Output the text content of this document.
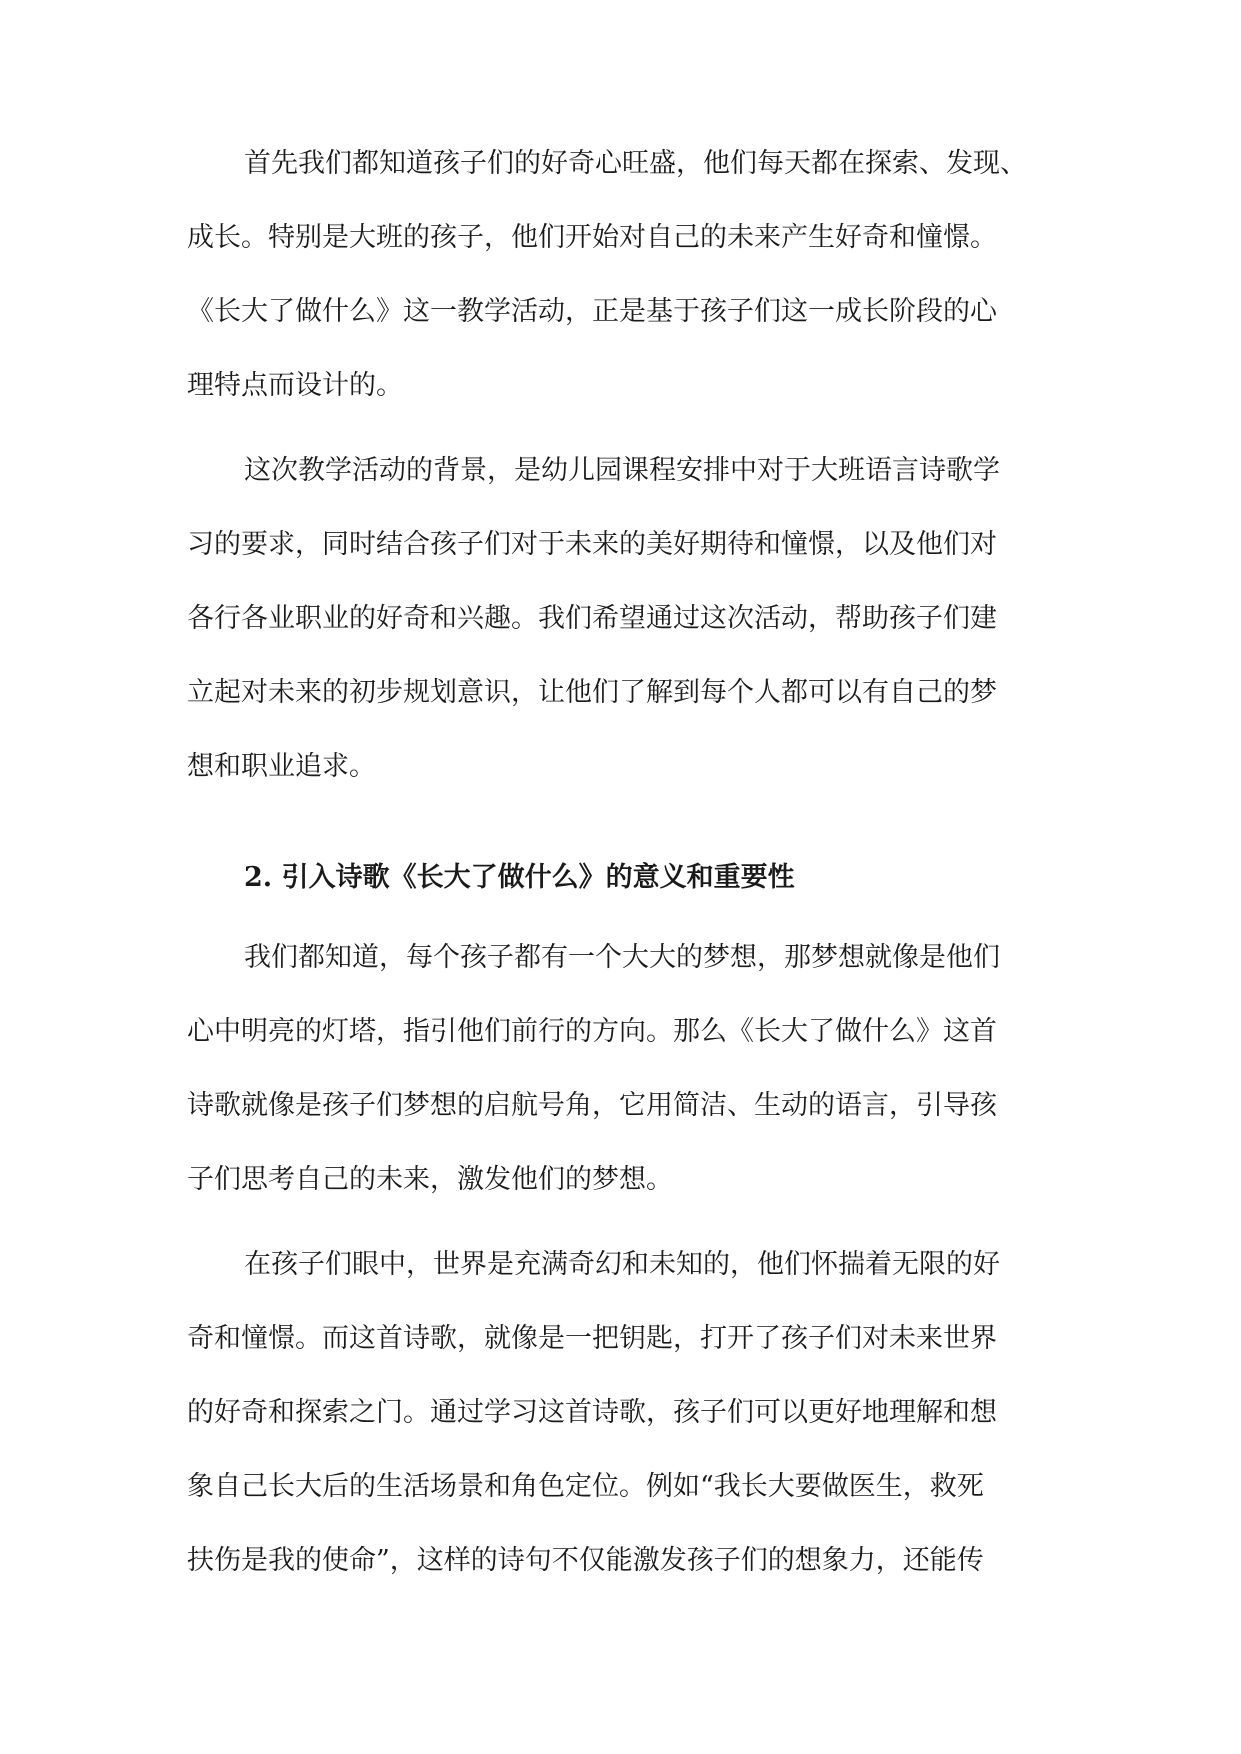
首先我们都知道孩子们的好奇心旺盛，他们每天都在探索、发现、
成长。特别是大班的孩子，他们开始对自己的未来产生好奇和憧憬。
《长大了做什么》这一教学活动，正是基于孩子们这一成长阶段的心
理特点而设计的。
这次教学活动的背景，是幼儿园课程安排中对于大班语言诗歌学
习的要求，同时结合孩子们对于未来的美好期待和憧憬，以及他们对
各行各业职业的好奇和兴趣。我们希望通过这次活动，帮助孩子们建
立起对未来的初步规划意识，让他们了解到每个人都可以有自己的梦
想和职业追求。
2. 引入诗歌《长大了做什么》的意义和重要性
我们都知道，每个孩子都有一个大大的梦想，那梦想就像是他们
心中明亮的灯塔，指引他们前行的方向。那么《长大了做什么》这首
诗歌就像是孩子们梦想的启航号角，它用简洁、生动的语言，引导孩
子们思考自己的未来，激发他们的梦想。
在孩子们眼中，世界是充满奇幻和未知的，他们怀揣着无限的好
奇和憧憬。而这首诗歌，就像是一把钥匙，打开了孩子们对未来世界
的好奇和探索之门。通过学习这首诗歌，孩子们可以更好地理解和想
象自己长大后的生活场景和角色定位。例如“我长大要做医生，救死
扶伤是我的使命”，这样的诗句不仅能激发孩子们的想象力，还能传
